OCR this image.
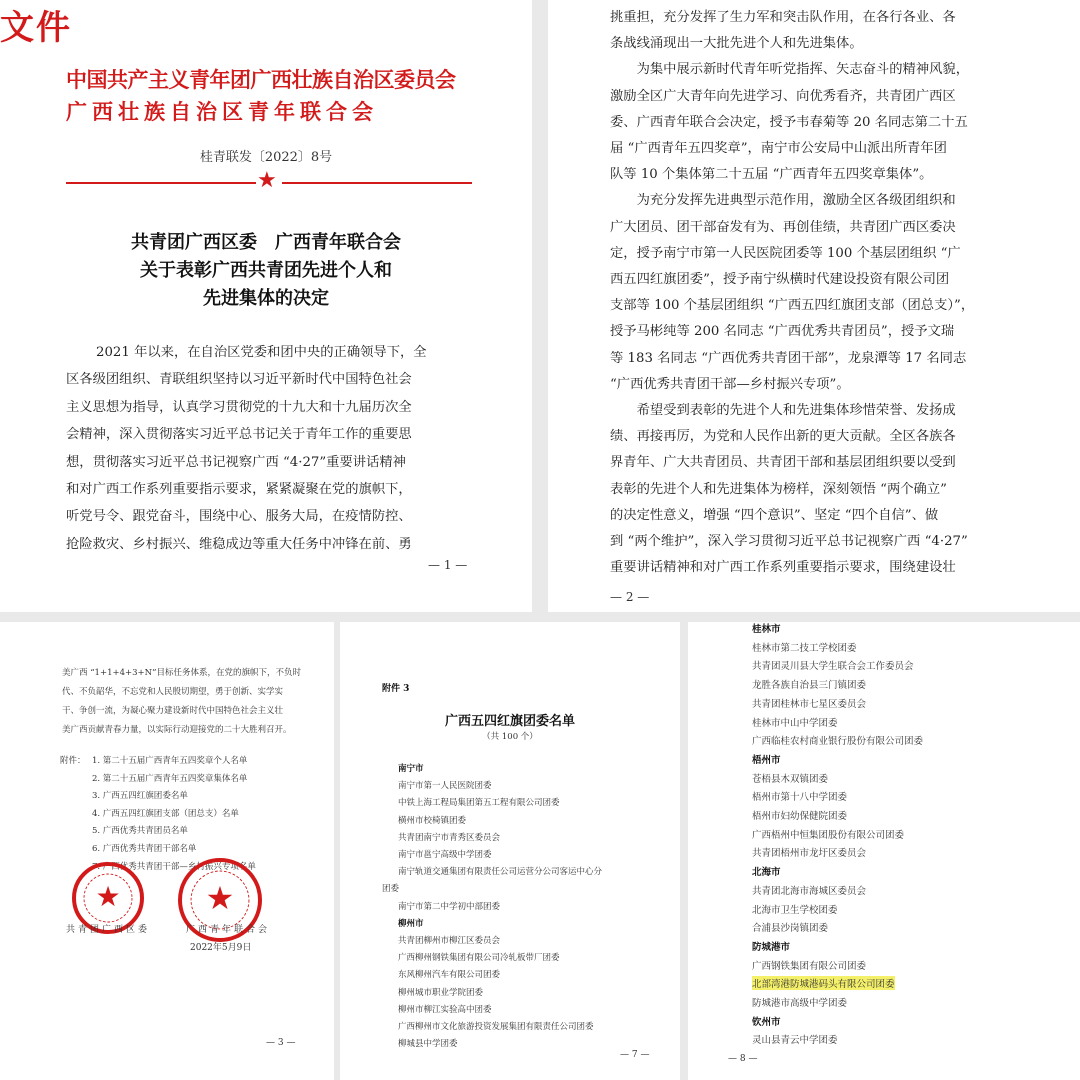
中国共产主义青年团广西壮族自治区委员会
广西壮族自治区青年联合会
文件
桂青联发〔2022〕8号
★
共青团广西区委　广西青年联合会
关于表彰广西共青团先进个人和
先进集体的决定
2021 年以来，在自治区党委和团中央的正确领导下，全
区各级团组织、青联组织坚持以习近平新时代中国特色社会
主义思想为指导，认真学习贯彻党的十九大和十九届历次全
会精神，深入贯彻落实习近平总书记关于青年工作的重要思
想，贯彻落实习近平总书记视察广西 “4·27”重要讲话精神
和对广西工作系列重要指示要求，紧紧凝聚在党的旗帜下，
听党号令、跟党奋斗，围绕中心、服务大局，在疫情防控、
抢险救灾、乡村振兴、维稳成边等重大任务中冲锋在前、勇
— 1 —
— 2 —
挑重担，充分发挥了生力军和突击队作用，在各行各业、各
条战线涌现出一大批先进个人和先进集体。
　　为集中展示新时代青年听党指挥、矢志奋斗的精神风貌，
激励全区广大青年向先进学习、向优秀看齐，共青团广西区
委、广西青年联合会决定，授予韦春菊等 20 名同志第二十五
届 “广西青年五四奖章”，南宁市公安局中山派出所青年团
队等 10 个集体第二十五届 “广西青年五四奖章集体”。
　　为充分发挥先进典型示范作用，激励全区各级团组织和
广大团员、团干部奋发有为、再创佳绩，共青团广西区委决
定，授予南宁市第一人民医院团委等 100 个基层团组织 “广
西五四红旗团委”，授予南宁纵横时代建设投资有限公司团
支部等 100 个基层团组织 “广西五四红旗团支部（团总支）”，
授予马彬纯等 200 名同志 “广西优秀共青团员”，授予文瑞
等 183 名同志 “广西优秀共青团干部”，龙泉潭等 17 名同志
“广西优秀共青团干部—乡村振兴专项”。
　　希望受到表彰的先进个人和先进集体珍惜荣誉、发扬成
绩、再接再厉，为党和人民作出新的更大贡献。全区各族各
界青年、广大共青团员、共青团干部和基层团组织要以受到
表彰的先进个人和先进集体为榜样，深刻领悟 “两个确立”
的决定性意义，增强 “四个意识”、坚定 “四个自信”、做
到 “两个维护”，深入学习贯彻习近平总书记视察广西 “4·27”
重要讲话精神和对广西工作系列重要指示要求，围绕建设壮
美广西 “1+1+4+3+N”目标任务体系，在党的旗帜下，不负时
代、不负韶华，不忘党和人民殷切期望，勇于创新、实学实
干、争创一流，为凝心聚力建设新时代中国特色社会主义壮
美广西贡献青春力量，以实际行动迎接党的二十大胜利召开。
附件： 1. 第二十五届广西青年五四奖章个人名单
2. 第二十五届广西青年五四奖章集体名单
3. 广西五四红旗团委名单
4. 广西五四红旗团支部（团总支）名单
5. 广西优秀共青团员名单
6. 广西优秀共青团干部名单
7. 广西优秀共青团干部—乡村振兴专项名单
★	★
共青团广西区委	广西青年联合会
2022年5月9日
— 3 —
— 7 —
附件 3
广西五四红旗团委名单
（共 100 个）
南宁市
南宁市第一人民医院团委
中铁上海工程局集团第五工程有限公司团委
横州市校椅镇团委
共青团南宁市青秀区委员会
南宁市邕宁高级中学团委
南宁轨道交通集团有限责任公司运营分公司客运中心分
团委
南宁市第二中学初中部团委
柳州市
共青团柳州市柳江区委员会
广西柳州钢铁集团有限公司冷轧板带厂团委
东风柳州汽车有限公司团委
柳州城市职业学院团委
柳州市柳江实验高中团委
广西柳州市文化旅游投资发展集团有限责任公司团委
柳城县中学团委
— 8 —
桂林市
桂林市第二技工学校团委
共青团灵川县大学生联合会工作委员会
龙胜各族自治县三门镇团委
共青团桂林市七星区委员会
桂林市中山中学团委
广西临桂农村商业银行股份有限公司团委
梧州市
苍梧县木双镇团委
梧州市第十八中学团委
梧州市妇幼保健院团委
广西梧州中恒集团股份有限公司团委
共青团梧州市龙圩区委员会
北海市
共青团北海市海城区委员会
北海市卫生学校团委
合浦县沙岗镇团委
防城港市
广西钢铁集团有限公司团委
北部湾港防城港码头有限公司团委
防城港市高级中学团委
钦州市
灵山县青云中学团委
